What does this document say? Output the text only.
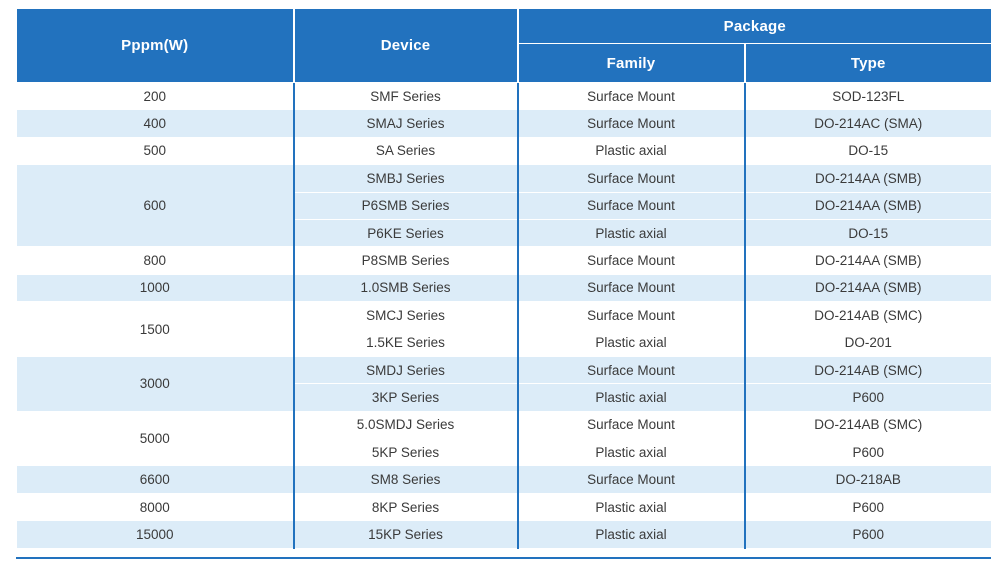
Pppm(W)	Device	Package	
		Family	Type
200	SMF Series	Surface Mount	SOD-123FL
400	SMAJ Series	Surface Mount	DO-214AC (SMA)
500	SA Series	Plastic axial	DO-15
600	SMBJ Series	Surface Mount	DO-214AA (SMB)
	P6SMB Series	Surface Mount	DO-214AA (SMB)
	P6KE Series	Plastic axial	DO-15
800	P8SMB Series	Surface Mount	DO-214AA (SMB)
1000	1.0SMB Series	Surface Mount	DO-214AA (SMB)
1500	SMCJ Series	Surface Mount	DO-214AB (SMC)
	1.5KE Series	Plastic axial	DO-201
3000	SMDJ Series	Surface Mount	DO-214AB (SMC)
	3KP Series	Plastic axial	P600
5000	5.0SMDJ Series	Surface Mount	DO-214AB (SMC)
	5KP Series	Plastic axial	P600
6600	SM8 Series	Surface Mount	DO-218AB
8000	8KP Series	Plastic axial	P600
15000	15KP Series	Plastic axial	P600
